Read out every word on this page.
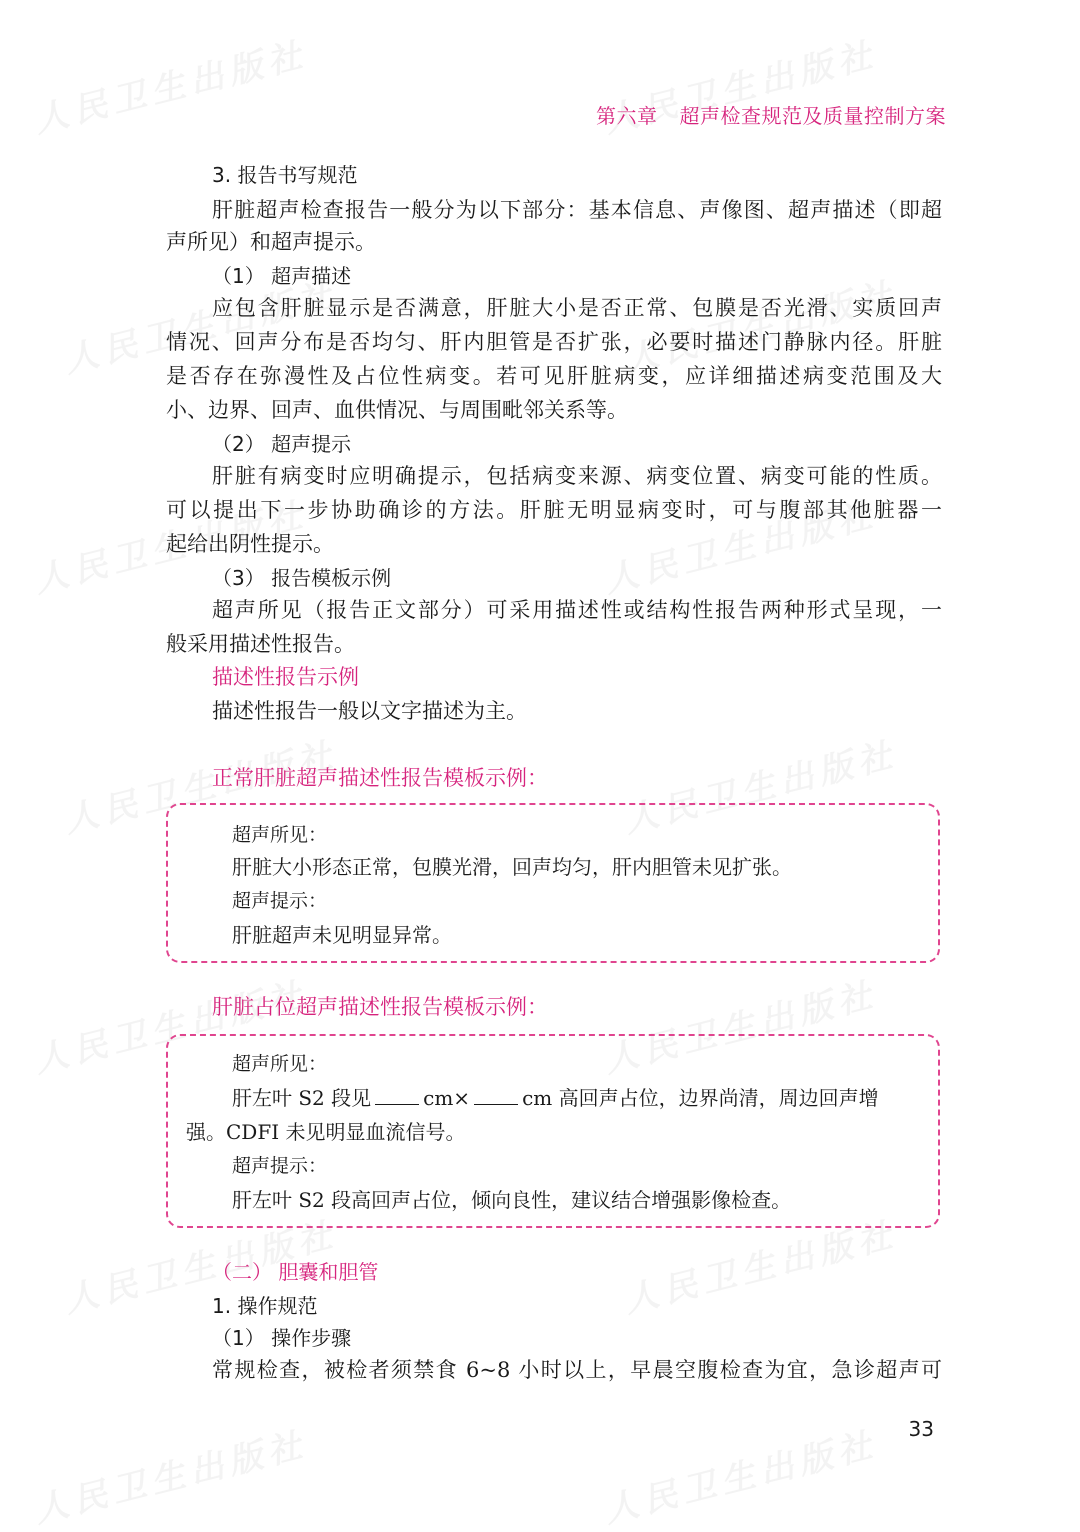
第六章 超声检查规范及质量控制方案
3. 报告书写规范
肝脏超声检查报告一般分为以下部分：基本信息、声像图、超声描述（即超
声所见）和超声提示。
（1） 超声描述
应包含肝脏显示是否满意，肝脏大小是否正常、包膜是否光滑、实质回声
情况、回声分布是否均匀、肝内胆管是否扩张，必要时描述门静脉内径。肝脏
是否存在弥漫性及占位性病变。若可见肝脏病变，应详细描述病变范围及大
小、边界、回声、血供情况、与周围毗邻关系等。
（2） 超声提示
肝脏有病变时应明确提示，包括病变来源、病变位置、病变可能的性质。
可以提出下一步协助确诊的方法。肝脏无明显病变时，可与腹部其他脏器一
起给出阴性提示。
（3） 报告模板示例
超声所见（报告正文部分）可采用描述性或结构性报告两种形式呈现，一
般采用描述性报告。
描述性报告示例
描述性报告一般以文字描述为主。
正常肝脏超声描述性报告模板示例：
超声所见：
肝脏大小形态正常，包膜光滑，回声均匀，肝内胆管未见扩张。
超声提示：
肝脏超声未见明显异常。
肝脏占位超声描述性报告模板示例：
超声所见：
肝左叶 S2 段见	cm×	cm 高回声占位，边界尚清，周边回声增
强。CDFI 未见明显血流信号。
超声提示：
肝左叶 S2 段高回声占位，倾向良性，建议结合增强影像检查。
（二） 胆囊和胆管
1. 操作规范
（1） 操作步骤
常规检查，被检者须禁食 6~8 小时以上，早晨空腹检查为宜，急诊超声可
33
